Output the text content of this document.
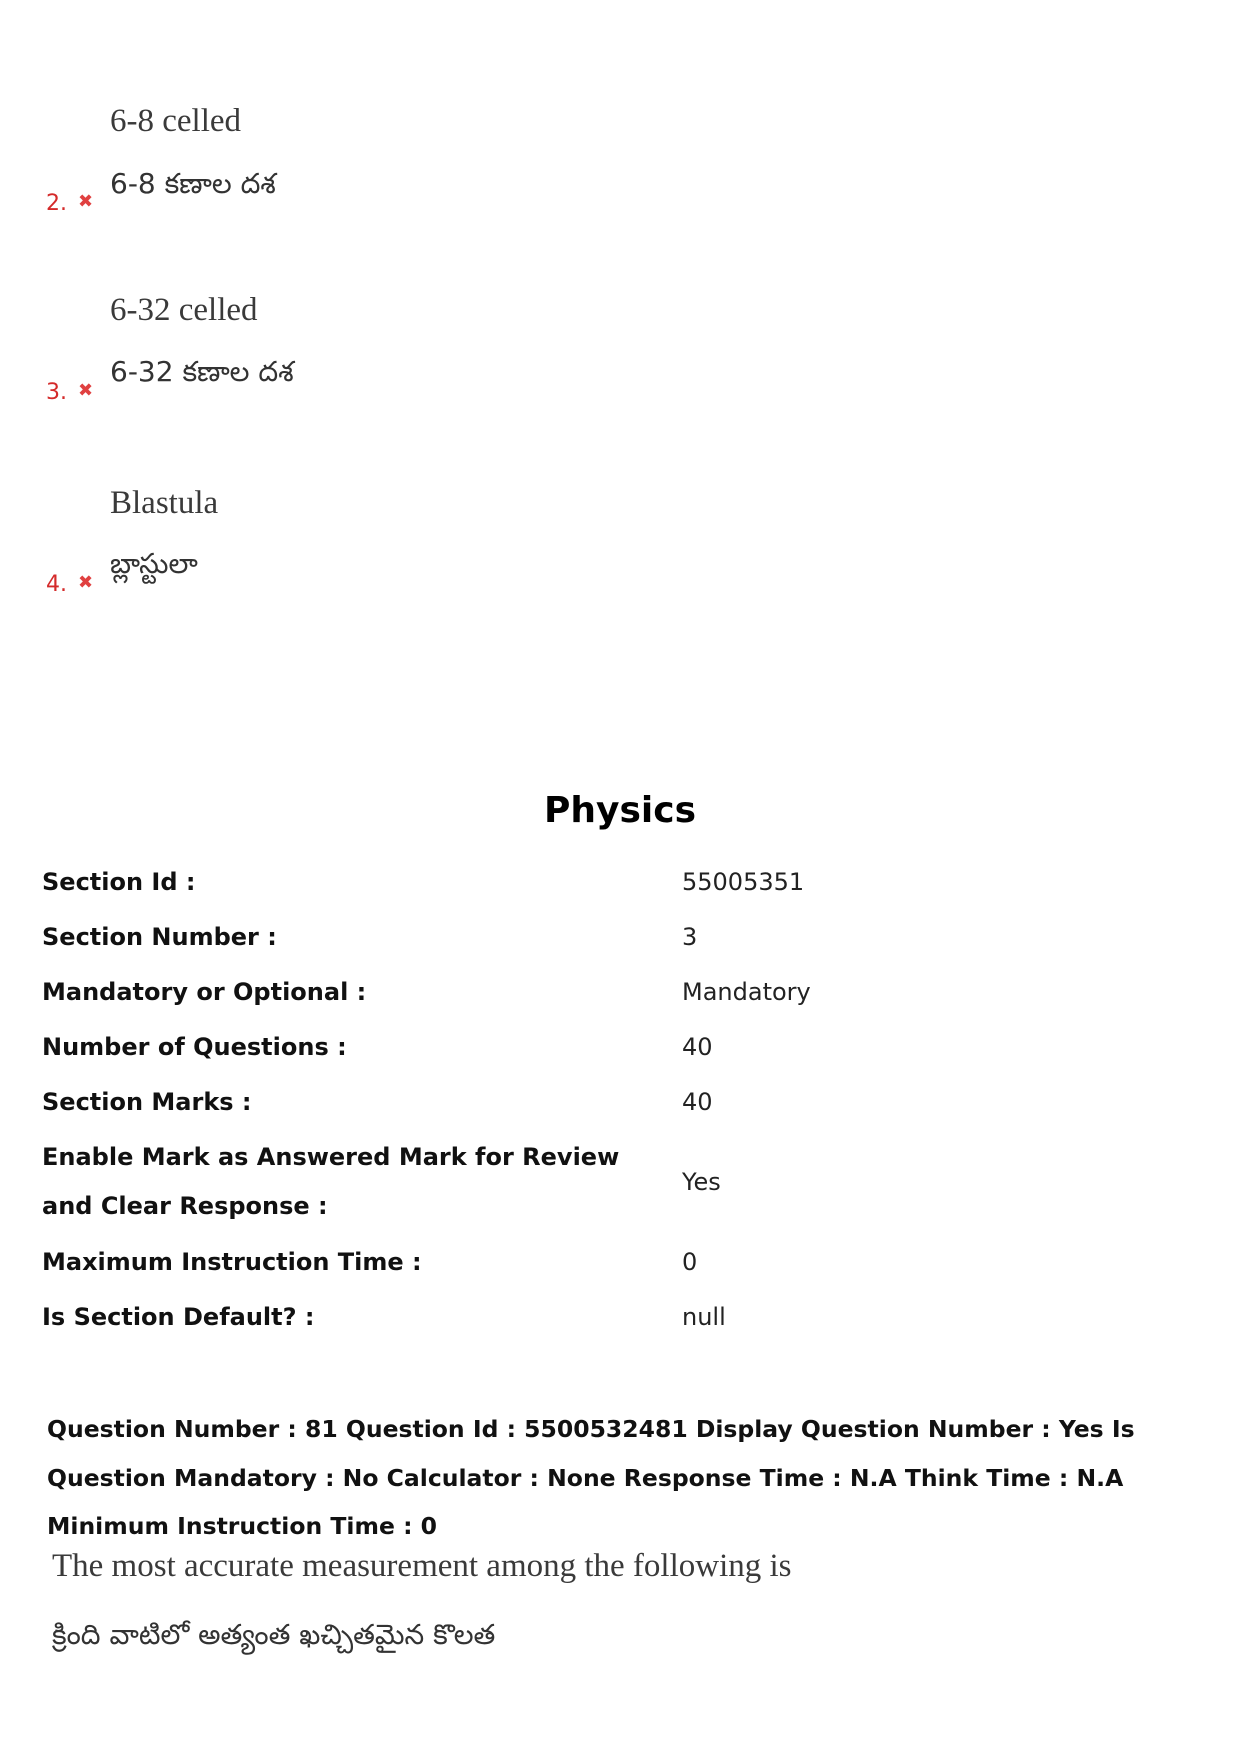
6-8 celled
6-8 కణాల దశ
2. ✖
6-32 celled
6-32 కణాల దశ
3. ✖
Blastula
బ్లాస్టులా
4. ✖
Physics
Section Id :	55005351
Section Number :	3
Mandatory or Optional :	Mandatory
Number of Questions :	40
Section Marks :	40
Enable Mark as Answered Mark for Review and Clear Response :
Yes
Maximum Instruction Time :	0
Is Section Default? :	null
Question Number : 81 Question Id : 5500532481 Display Question Number : Yes Is Question Mandatory : No Calculator : None Response Time : N.A Think Time : N.A Minimum Instruction Time : 0
The most accurate measurement among the following is
క్రింది వాటిలో అత్యంత ఖచ్చితమైన కొలత
